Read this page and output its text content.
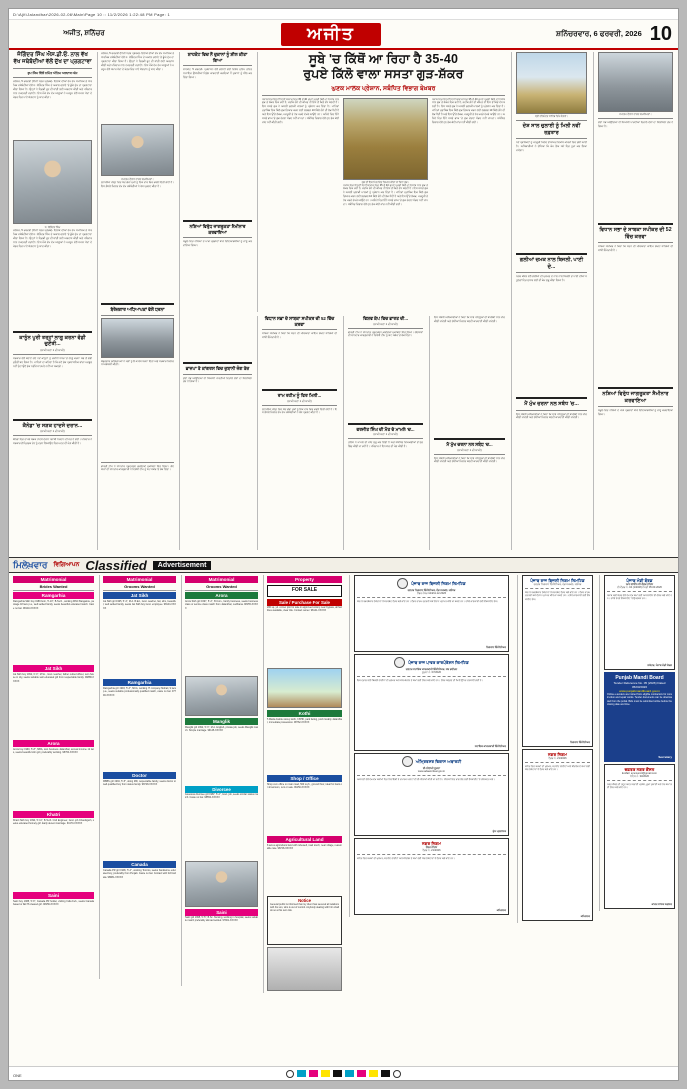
D:\Ajit\Jalandhar\2026-02-06\Main\Page 10 :: 11/2/2026 1:22:48 PM Page: 1
ਅਜੀਤ, ਸ਼ਨਿੱਚਰ	ਅਜੀਤ	ਸ਼ਨਿੱਚਰਵਾਰ, 6 ਫਰਵਰੀ, 2026 10
ਜੋਗਿੰਦਰ ਸਿੰਘ ਐਸ.ਡੀ.ਓ. ਨਾਲ ਵੱਖ ਵੱਖ ਜਥੇਬੰਦੀਆਂ ਵੱਲੋਂ ਦੁੱਖ ਦਾ ਪ੍ਰਗਟਾਵਾ
ਭੁਪ ਸਿੰਘ ਢਿੱਲੋਂ ਨਮਿੱਤ ਅੰਤਿਮ ਅਰਦਾਸ ਅੱਜ
ਜਲੰਧਰ, 5 ਫਰਵਰੀ (ਨਿੱਜੀ ਪੱਤਰ ਪ੍ਰੇਰਕ)- ਇਲਾਕੇ ਦੀਆਂ ਵੱਖ ਵੱਖ ਸਮਾਜਿਕ ਤੇ ਧਾਰਮਿਕ ਜਥੇਬੰਦੀਆਂ ਵੱਲੋਂ ਸ. ਜੋਗਿੰਦਰ ਸਿੰਘ ਦੇ ਅਕਾਲ ਚਲਾਣੇ 'ਤੇ ਡੂੰਘੇ ਦੁੱਖ ਦਾ ਪ੍ਰਗਟਾਵਾ ਕੀਤਾ ਗਿਆ ਹੈ। ਉਨ੍ਹਾਂ ਨੇ ਵਿਛੜੀ ਰੂਹ ਦੀ ਸ਼ਾਂਤੀ ਲਈ ਅਰਦਾਸ ਕੀਤੀ ਅਤੇ ਪਰਿਵਾਰ ਨਾਲ ਹਮਦਰਦੀ ਜਤਾਈ। ਇਸ ਮੌਕੇ ਵੱਖ ਵੱਖ ਆਗੂਆਂ ਨੇ ਮਰਹੂਮ ਵੱਲੋਂ ਸਮਾਜ ਸੇਵਾ ਦੇ ਖੇਤਰ ਵਿਚ ਪਾਏ ਯੋਗਦਾਨ ਨੂੰ ਯਾਦ ਕੀਤਾ।
ਸ. ਜੋਗਿੰਦਰ ਸਿੰਘ
ਜਲੰਧਰ, 5 ਫਰਵਰੀ (ਨਿੱਜੀ ਪੱਤਰ ਪ੍ਰੇਰਕ)- ਇਲਾਕੇ ਦੀਆਂ ਵੱਖ ਵੱਖ ਸਮਾਜਿਕ ਤੇ ਧਾਰਮਿਕ ਜਥੇਬੰਦੀਆਂ ਵੱਲੋਂ ਸ. ਜੋਗਿੰਦਰ ਸਿੰਘ ਦੇ ਅਕਾਲ ਚਲਾਣੇ 'ਤੇ ਡੂੰਘੇ ਦੁੱਖ ਦਾ ਪ੍ਰਗਟਾਵਾ ਕੀਤਾ ਗਿਆ ਹੈ। ਉਨ੍ਹਾਂ ਨੇ ਵਿਛੜੀ ਰੂਹ ਦੀ ਸ਼ਾਂਤੀ ਲਈ ਅਰਦਾਸ ਕੀਤੀ ਅਤੇ ਪਰਿਵਾਰ ਨਾਲ ਹਮਦਰਦੀ ਜਤਾਈ। ਇਸ ਮੌਕੇ ਵੱਖ ਵੱਖ ਆਗੂਆਂ ਨੇ ਮਰਹੂਮ ਵੱਲੋਂ ਸਮਾਜ ਸੇਵਾ ਦੇ ਖੇਤਰ ਵਿਚ ਪਾਏ ਯੋਗਦਾਨ ਨੂੰ ਯਾਦ ਕੀਤਾ।
ਕਾਨੂੰਨ ਪੂਰੀ ਤਰ੍ਹਾਂ ਲਾਗੂ ਕਰਨਾ ਵੱਡੀ ਚੁਣੌਤੀ...
(ਬਾਕੀ ਸਫ਼ਾ 1 ਦੀ ਬਾਕੀ)
ਸਰਕਾਰ ਵੱਲੋਂ ਬਣਾਏ ਗਏ ਨਵੇਂ ਕਾਨੂੰਨਾਂ ਨੂੰ ਜ਼ਮੀਨੀ ਪੱਧਰ 'ਤੇ ਲਾਗੂ ਕਰਨਾ ਸਭ ਤੋਂ ਵੱਡੀ ਚੁਣੌਤੀ ਬਣ ਗਿਆ ਹੈ। ਮਾਹਿਰਾਂ ਦਾ ਕਹਿਣਾ ਹੈ ਕਿ ਜਦੋਂ ਤੱਕ ਪ੍ਰਸ਼ਾਸਨਿਕ ਢਾਂਚਾ ਮਜ਼ਬੂਤ ਨਹੀਂ ਹੁੰਦਾ ਉਦੋਂ ਤੱਕ ਨਤੀਜੇ ਸਾਹਮਣੇ ਨਹੀਂ ਆ ਸਕਣਗੇ।
ਕੈਨੇਡਾ 'ਚ ਸੜਕ ਹਾਦਸੇ ਦਰਾਨ...
(ਬਾਕੀ ਸਫ਼ਾ 1 ਦੀ ਬਾਕੀ)
ਕੈਨੇਡਾ ਵਿਚ ਵਾਪਰੇ ਸੜਕ ਹਾਦਸੇ ਦੌਰਾਨ ਪੰਜਾਬੀ ਨੌਜਵਾਨ ਦੀ ਮੌਤ ਹੋ ਗਈ। ਪਰਿਵਾਰ ਨੇ ਸਰਕਾਰ ਤੋਂ ਮ੍ਰਿਤਕ ਦੇਹ ਨੂੰ ਵਤਨ ਲਿਆਉਣ ਵਿਚ ਮਦਦ ਦੀ ਮੰਗ ਕੀਤੀ ਹੈ।
ਜਲੰਧਰ, 5 ਫਰਵਰੀ (ਨਿੱਜੀ ਪੱਤਰ ਪ੍ਰੇਰਕ)- ਇਲਾਕੇ ਦੀਆਂ ਵੱਖ ਵੱਖ ਸਮਾਜਿਕ ਤੇ ਧਾਰਮਿਕ ਜਥੇਬੰਦੀਆਂ ਵੱਲੋਂ ਸ. ਜੋਗਿੰਦਰ ਸਿੰਘ ਦੇ ਅਕਾਲ ਚਲਾਣੇ 'ਤੇ ਡੂੰਘੇ ਦੁੱਖ ਦਾ ਪ੍ਰਗਟਾਵਾ ਕੀਤਾ ਗਿਆ ਹੈ। ਉਨ੍ਹਾਂ ਨੇ ਵਿਛੜੀ ਰੂਹ ਦੀ ਸ਼ਾਂਤੀ ਲਈ ਅਰਦਾਸ ਕੀਤੀ ਅਤੇ ਪਰਿਵਾਰ ਨਾਲ ਹਮਦਰਦੀ ਜਤਾਈ। ਇਸ ਮੌਕੇ ਵੱਖ ਵੱਖ ਆਗੂਆਂ ਨੇ ਮਰਹੂਮ ਵੱਲੋਂ ਸਮਾਜ ਸੇਵਾ ਦੇ ਖੇਤਰ ਵਿਚ ਪਾਏ ਯੋਗਦਾਨ ਨੂੰ ਯਾਦ ਕੀਤਾ।
ਸਮਾਗਮ ਦੌਰਾਨ ਹਾਜ਼ਰ ਸ਼ਖ਼ਸੀਅਤਾਂ।
ਸੁਨਾਰੀਆ ਜੇਲ੍ਹ ਵਿਚ ਬੰਦ ਡੇਰਾ ਮੁਖੀ ਨੂੰ ਇਕ ਵਾਰ ਫਿਰ ਫਰਲੋ ਦਿੱਤੀ ਗਈ ਹੈ। ਇਸ ਫ਼ੈਸਲੇ ਖ਼ਿਲਾਫ਼ ਵੱਖ ਵੱਖ ਜਥੇਬੰਦੀਆਂ ਨੇ ਰੋਸ ਪ੍ਰਗਟ ਕੀਤਾ ਹੈ।
ਬੇਰੋਜ਼ਗਾਰ ਅਧਿਆਪਕਾਂ ਵੱਲੋਂ ਧਰਨਾ
ਬੇਰੁਜ਼ਗਾਰ ਅਧਿਆਪਕਾਂ ਨੇ ਮੰਗਾਂ ਨੂੰ ਲੈ ਕੇ ਰੋਸ ਧਰਨਾ ਦਿੱਤਾ ਅਤੇ ਸਰਕਾਰ ਖ਼ਿਲਾਫ਼ ਨਾਅਰੇਬਾਜ਼ੀ ਕੀਤੀ।
ਭਾਰਤੀ ਟੀਮ ਨੇ ਸ਼ਾਨਦਾਰ ਪ੍ਰਦਰਸ਼ਨ ਕਰਦਿਆਂ ਮੁਕਾਬਲਾ ਜਿੱਤ ਲਿਆ। ਗੇਂਦਬਾਜ਼ਾਂ ਦੀ ਸ਼ਾਨਦਾਰ ਕਾਰਗੁਜ਼ਾਰੀ ਨੇ ਵਿਰੋਧੀ ਟੀਮ ਨੂੰ ਘੱਟ ਸਕੋਰ 'ਤੇ ਰੋਕ ਦਿੱਤਾ।
ਸ਼ਾਹਕੋਟ ਵਿਚ ਨੌਂ ਦੁਕਾਨਾਂ ਨੂੰ ਸ਼ੀਲ ਕੀਤਾ ਗਿਆ
ਸ਼ਾਹਕੋਟ, 5 ਫਰਵਰੀ- ਪ੍ਰਸ਼ਾਸਨ ਵੱਲੋਂ ਚਲਾਈ ਗਈ ਵਿਸ਼ੇਸ਼ ਮੁਹਿੰਮ ਤਹਿਤ ਨਾਜਾਇਜ਼ ਉਸਾਰੀਆਂ ਵਿਰੁੱਧ ਕਾਰਵਾਈ ਕਰਦਿਆਂ ਨੌਂ ਦੁਕਾਨਾਂ ਨੂੰ ਸੀਲ ਕਰ ਦਿੱਤਾ ਗਿਆ।
ਨਸ਼ਿਆਂ ਵਿਰੁੱਧ ਜਾਗਰੂਕਤਾ ਸੈਮੀਨਾਰ ਕਰਵਾਇਆ
ਸਕੂਲ ਵਿਚ ਨਸ਼ਿਆਂ ਦੇ ਮਾੜੇ ਪ੍ਰਭਾਵਾਂ ਬਾਰੇ ਵਿਦਿਆਰਥੀਆਂ ਨੂੰ ਜਾਣੂ ਕਰਵਾਇਆ ਗਿਆ।
ਭਾਜਪਾ ਤੇ ਕਾਂਗਰਸ ਵਿਚ ਜ਼ੁਬਾਨੀ ਜੰਗ ਤੇਜ਼
ਚੋਣਾਂ ਨੇੜੇ ਆਉਂਦਿਆਂ ਹੀ ਸਿਆਸੀ ਪਾਰਟੀਆਂ ਵਿਚਾਲੇ ਦੋਸ਼ਾਂ ਦਾ ਸਿਲਸਿਲਾ ਤੇਜ਼ ਹੋ ਗਿਆ ਹੈ।
ਸੂਬੇ 'ਚ ਕਿੱਥੋਂ ਆ ਰਿਹਾ ਹੈ 35-40
ਰੁਪਏ ਕਿੱਲੋ ਵਾਲਾ ਸਸਤਾ ਗੁੜ-ਸ਼ੱਕਰ
ਘੁਣਕ ਮਾਲਕ ਪ੍ਰੇਸ਼ਾਨ, ਸਬੰਧਿਤ ਵਿਭਾਗ ਬੇਖ਼ਬਰ
ਪੰਜਾਬ ਵਿਚ ਇਨ੍ਹੀਂ ਦਿਨੀਂ ਬਾਜ਼ਾਰ ਵਿਚ 35 ਤੋਂ 40 ਰੁਪਏ ਪ੍ਰਤੀ ਕਿੱਲੋ ਦੇ ਹਿਸਾਬ ਨਾਲ ਗੁੜ ਤੇ ਸ਼ੱਕਰ ਵਿਕ ਰਹੀ ਹੈ, ਜਦਕਿ ਗੰਨੇ ਦੀ ਕੀਮਤ ਹੀ ਇਸ ਤੋਂ ਕਿਤੇ ਵੱਧ ਬਣਦੀ ਹੈ। ਇਸ ਸਸਤੇ ਗੁੜ ਨੇ ਅਸਲੀ ਘੁਲਾੜੀ ਮਾਲਕਾਂ ਨੂੰ ਪ੍ਰੇਸ਼ਾਨ ਕਰ ਦਿੱਤਾ ਹੈ। ਮਾਹਿਰਾਂ ਮੁਤਾਬਿਕ ਇਕ ਕਿੱਲੋ ਗੁੜ ਤਿਆਰ ਕਰਨ ਲਈ ਲਗਭਗ 10 ਕਿੱਲੋ ਗੰਨੇ ਦੀ ਲੋੜ ਪੈਂਦੀ ਹੈ ਅਤੇ ਇਸ ਉੱਤੇ ਲੱਕੜ, ਮਜ਼ਦੂਰੀ ਤੇ ਹੋਰ ਖਰਚੇ ਵੱਖਰੇ ਆਉਂਦੇ ਹਨ। ਅਜਿਹੇ ਵਿਚ ਇੰਨੇ ਸਸਤੇ ਭਾਅ 'ਤੇ ਗੁੜ ਵੇਚਣਾ ਸੰਭਵ ਨਹੀਂ ਜਾਪਦਾ। ਸਬੰਧਿਤ ਵਿਭਾਗ ਵੱਲੋਂ ਹੁਣ ਤੱਕ ਕੋਈ ਜਾਂਚ ਨਹੀਂ ਕੀਤੀ ਗਈ।
ਗੁੜ ਦੀ ਇਕ ਮਿਲ ਵਿਚ ਤਿਆਰ ਕੀਤਾ ਜਾ ਰਿਹਾ ਗੁੜ।
ਪੰਜਾਬ ਵਿਚ ਇਨ੍ਹੀਂ ਦਿਨੀਂ ਬਾਜ਼ਾਰ ਵਿਚ 35 ਤੋਂ 40 ਰੁਪਏ ਪ੍ਰਤੀ ਕਿੱਲੋ ਦੇ ਹਿਸਾਬ ਨਾਲ ਗੁੜ ਤੇ ਸ਼ੱਕਰ ਵਿਕ ਰਹੀ ਹੈ, ਜਦਕਿ ਗੰਨੇ ਦੀ ਕੀਮਤ ਹੀ ਇਸ ਤੋਂ ਕਿਤੇ ਵੱਧ ਬਣਦੀ ਹੈ। ਇਸ ਸਸਤੇ ਗੁੜ ਨੇ ਅਸਲੀ ਘੁਲਾੜੀ ਮਾਲਕਾਂ ਨੂੰ ਪ੍ਰੇਸ਼ਾਨ ਕਰ ਦਿੱਤਾ ਹੈ। ਮਾਹਿਰਾਂ ਮੁਤਾਬਿਕ ਇਕ ਕਿੱਲੋ ਗੁੜ ਤਿਆਰ ਕਰਨ ਲਈ ਲਗਭਗ 10 ਕਿੱਲੋ ਗੰਨੇ ਦੀ ਲੋੜ ਪੈਂਦੀ ਹੈ ਅਤੇ ਇਸ ਉੱਤੇ ਲੱਕੜ, ਮਜ਼ਦੂਰੀ ਤੇ ਹੋਰ ਖਰਚੇ ਵੱਖਰੇ ਆਉਂਦੇ ਹਨ। ਅਜਿਹੇ ਵਿਚ ਇੰਨੇ ਸਸਤੇ ਭਾਅ 'ਤੇ ਗੁੜ ਵੇਚਣਾ ਸੰਭਵ ਨਹੀਂ ਜਾਪਦਾ। ਸਬੰਧਿਤ ਵਿਭਾਗ ਵੱਲੋਂ ਹੁਣ ਤੱਕ ਕੋਈ ਜਾਂਚ ਨਹੀਂ ਕੀਤੀ ਗਈ।
ਪੰਜਾਬ ਵਿਚ ਇਨ੍ਹੀਂ ਦਿਨੀਂ ਬਾਜ਼ਾਰ ਵਿਚ 35 ਤੋਂ 40 ਰੁਪਏ ਪ੍ਰਤੀ ਕਿੱਲੋ ਦੇ ਹਿਸਾਬ ਨਾਲ ਗੁੜ ਤੇ ਸ਼ੱਕਰ ਵਿਕ ਰਹੀ ਹੈ, ਜਦਕਿ ਗੰਨੇ ਦੀ ਕੀਮਤ ਹੀ ਇਸ ਤੋਂ ਕਿਤੇ ਵੱਧ ਬਣਦੀ ਹੈ। ਇਸ ਸਸਤੇ ਗੁੜ ਨੇ ਅਸਲੀ ਘੁਲਾੜੀ ਮਾਲਕਾਂ ਨੂੰ ਪ੍ਰੇਸ਼ਾਨ ਕਰ ਦਿੱਤਾ ਹੈ। ਮਾਹਿਰਾਂ ਮੁਤਾਬਿਕ ਇਕ ਕਿੱਲੋ ਗੁੜ ਤਿਆਰ ਕਰਨ ਲਈ ਲਗਭਗ 10 ਕਿੱਲੋ ਗੰਨੇ ਦੀ ਲੋੜ ਪੈਂਦੀ ਹੈ ਅਤੇ ਇਸ ਉੱਤੇ ਲੱਕੜ, ਮਜ਼ਦੂਰੀ ਤੇ ਹੋਰ ਖਰਚੇ ਵੱਖਰੇ ਆਉਂਦੇ ਹਨ। ਅਜਿਹੇ ਵਿਚ ਇੰਨੇ ਸਸਤੇ ਭਾਅ 'ਤੇ ਗੁੜ ਵੇਚਣਾ ਸੰਭਵ ਨਹੀਂ ਜਾਪਦਾ। ਸਬੰਧਿਤ ਵਿਭਾਗ ਵੱਲੋਂ ਹੁਣ ਤੱਕ ਕੋਈ ਜਾਂਚ ਨਹੀਂ ਕੀਤੀ ਗਈ।
ਵਿਧਾਨ ਸਭਾ ਦੇ ਸਾਬਕਾ ਸਪੀਕਰ ਦੀ 52 ਵਿੱਚ ਕਰਵਾ
ਸਾਬਕਾ ਸਪੀਕਰ ਨੇ ਕਿਹਾ ਕਿ ਸਦਨ ਦੀ ਮਰਿਆਦਾ ਕਾਇਮ ਰੱਖਣਾ ਸਾਰਿਆਂ ਦੀ ਸਾਂਝੀ ਜ਼ਿੰਮੇਵਾਰੀ ਹੈ।
ਰਾਮ ਰਹੀਮ ਨੂੰ ਫਿਰ ਮਿਲੀ...
(ਬਾਕੀ ਸਫ਼ਾ 1 ਦੀ ਬਾਕੀ)
ਸੁਨਾਰੀਆ ਜੇਲ੍ਹ ਵਿਚ ਬੰਦ ਡੇਰਾ ਮੁਖੀ ਨੂੰ ਇਕ ਵਾਰ ਫਿਰ ਫਰਲੋ ਦਿੱਤੀ ਗਈ ਹੈ। ਇਸ ਫ਼ੈਸਲੇ ਖ਼ਿਲਾਫ਼ ਵੱਖ ਵੱਖ ਜਥੇਬੰਦੀਆਂ ਨੇ ਰੋਸ ਪ੍ਰਗਟ ਕੀਤਾ ਹੈ।
ਵਿਸ਼ਵ ਕੱਪ ਵਿਚ ਭਾਰਤ ਦੀ...
(ਬਾਕੀ ਸਫ਼ਾ 1 ਦੀ ਬਾਕੀ)
ਭਾਰਤੀ ਟੀਮ ਨੇ ਸ਼ਾਨਦਾਰ ਪ੍ਰਦਰਸ਼ਨ ਕਰਦਿਆਂ ਮੁਕਾਬਲਾ ਜਿੱਤ ਲਿਆ। ਗੇਂਦਬਾਜ਼ਾਂ ਦੀ ਸ਼ਾਨਦਾਰ ਕਾਰਗੁਜ਼ਾਰੀ ਨੇ ਵਿਰੋਧੀ ਟੀਮ ਨੂੰ ਘੱਟ ਸਕੋਰ 'ਤੇ ਰੋਕ ਦਿੱਤਾ।
ਵਰਜੀਤ ਸਿੰਘ ਦੀ ਮੌਤ ਦੇ ਮਾਮਲੇ 'ਚ...
(ਬਾਕੀ ਸਫ਼ਾ 1 ਦੀ ਬਾਕੀ)
ਪੁਲਿਸ ਨੇ ਮਾਮਲੇ ਦੀ ਜਾਂਚ ਸ਼ੁਰੂ ਕਰ ਦਿੱਤੀ ਹੈ ਅਤੇ ਸਬੰਧਿਤ ਵਿਅਕਤੀਆਂ ਤੋਂ ਪੁੱਛਗਿੱਛ ਕੀਤੀ ਜਾ ਰਹੀ ਹੈ। ਪਰਿਵਾਰ ਨੇ ਇਨਸਾਫ਼ ਦੀ ਮੰਗ ਕੀਤੀ ਹੈ।
ਇਸ ਸਬੰਧੀ ਅਧਿਕਾਰੀਆਂ ਨੇ ਕਿਹਾ ਕਿ ਸਾਰੇ ਪਹਿਲੂਆਂ ਦੀ ਬਾਰੀਕੀ ਨਾਲ ਜਾਂਚ ਕੀਤੀ ਜਾਵੇਗੀ ਅਤੇ ਦੋਸ਼ੀਆਂ ਖ਼ਿਲਾਫ਼ ਬਣਦੀ ਕਾਰਵਾਈ ਕੀਤੀ ਜਾਵੇਗੀ।
ਮੈਂ ਮੁੱਖ ਚਰਨਾ ਨਲ ਸਬੰਧ 'ਚ...
(ਬਾਕੀ ਸਫ਼ਾ 1 ਦੀ ਬਾਕੀ)
ਇਸ ਸਬੰਧੀ ਅਧਿਕਾਰੀਆਂ ਨੇ ਕਿਹਾ ਕਿ ਸਾਰੇ ਪਹਿਲੂਆਂ ਦੀ ਬਾਰੀਕੀ ਨਾਲ ਜਾਂਚ ਕੀਤੀ ਜਾਵੇਗੀ ਅਤੇ ਦੋਸ਼ੀਆਂ ਖ਼ਿਲਾਫ਼ ਬਣਦੀ ਕਾਰਵਾਈ ਕੀਤੀ ਜਾਵੇਗੀ।
ਸ੍ਰੀ ਹਰਿਮੰਦਰ ਸਾਹਿਬ ਵਿਖੇ ਸੰਗਤਾਂ।
ਦੇਸ਼ ਸਾਲ ਚੁਲਾਈ ਨੂੰ ਮਿਲੀ ਨਵੀਂ ਰਫ਼ਤਾਰ
ਨਵੇਂ ਪ੍ਰਾਜੈਕਟਾਂ ਨੂੰ ਮਨਜ਼ੂਰੀ ਮਿਲਣ ਤੋਂ ਬਾਅਦ ਵਿਕਾਸ ਕਾਰਜਾਂ ਵਿਚ ਤੇਜ਼ੀ ਆਈ ਹੈ। ਅਧਿਕਾਰੀਆਂ ਨੇ ਦੱਸਿਆ ਕਿ ਕੰਮ ਤੈਅ ਸਮੇਂ ਵਿਚ ਪੂਰਾ ਕਰ ਲਿਆ ਜਾਵੇਗਾ।
ਗਲੀਆਂ ਚਮਕ ਨਾਲ ਬਿਜਲੀ, ਪਾਣੀ ਦੇ...
ਨਗਰ ਕੌਂਸਲ ਵੱਲੋਂ ਗਲੀਆਂ ਦੀ ਮੁਰੰਮਤ ਦੇ ਨਾਲ ਨਾਲ ਬਿਜਲੀ ਤੇ ਪਾਣੀ ਦੀਆਂ ਸਹੂਲਤਾਂ ਵਿਚ ਸੁਧਾਰ ਲਈ ਵੀ ਕੰਮ ਸ਼ੁਰੂ ਕੀਤਾ ਗਿਆ ਹੈ।
ਮੈਂ ਮੁੱਖ ਚਰਨਾ ਨਲ ਸਬੰਧ 'ਚ...
ਇਸ ਸਬੰਧੀ ਅਧਿਕਾਰੀਆਂ ਨੇ ਕਿਹਾ ਕਿ ਸਾਰੇ ਪਹਿਲੂਆਂ ਦੀ ਬਾਰੀਕੀ ਨਾਲ ਜਾਂਚ ਕੀਤੀ ਜਾਵੇਗੀ ਅਤੇ ਦੋਸ਼ੀਆਂ ਖ਼ਿਲਾਫ਼ ਬਣਦੀ ਕਾਰਵਾਈ ਕੀਤੀ ਜਾਵੇਗੀ।
ਸਮਾਗਮ ਦੌਰਾਨ ਹਾਜ਼ਰ ਸ਼ਖ਼ਸੀਅਤਾਂ।
ਚੋਣਾਂ ਨੇੜੇ ਆਉਂਦਿਆਂ ਹੀ ਸਿਆਸੀ ਪਾਰਟੀਆਂ ਵਿਚਾਲੇ ਦੋਸ਼ਾਂ ਦਾ ਸਿਲਸਿਲਾ ਤੇਜ਼ ਹੋ ਗਿਆ ਹੈ।
ਵਿਧਾਨ ਸਭਾ ਦੇ ਸਾਬਕਾ ਸਪੀਕਰ ਦੀ 52 ਵਿੱਚ ਕਰਵਾ
ਸਾਬਕਾ ਸਪੀਕਰ ਨੇ ਕਿਹਾ ਕਿ ਸਦਨ ਦੀ ਮਰਿਆਦਾ ਕਾਇਮ ਰੱਖਣਾ ਸਾਰਿਆਂ ਦੀ ਸਾਂਝੀ ਜ਼ਿੰਮੇਵਾਰੀ ਹੈ।
ਨਸ਼ਿਆਂ ਵਿਰੁੱਧ ਜਾਗਰੂਕਤਾ ਸੈਮੀਨਾਰ ਕਰਵਾਇਆ
ਸਕੂਲ ਵਿਚ ਨਸ਼ਿਆਂ ਦੇ ਮਾੜੇ ਪ੍ਰਭਾਵਾਂ ਬਾਰੇ ਵਿਦਿਆਰਥੀਆਂ ਨੂੰ ਜਾਣੂ ਕਰਵਾਇਆ ਗਿਆ।
ਮਿਲੇਖ਼ਵਾਰ ਵਿਗਿਆਪਨ Classified	Advertisement
Matrimonial
Brides Wanted
Ramgarhia
Ramgarhia Sikh boy 1989 born, 5'-10", B.Tech., working MNC Bangalore, package 18 lacs p.a., well settled family, seeks beautiful educated match. Caste no bar. 98140-XXXXX
Jat Sikh
Jat Sikh boy 1992, 6'-0", M.Sc., Govt. teacher, father retired officer, own house in city, seeks suitable well educated girl from respectable family. 99888-XXXXX
Arora
Arora boy 1990, 5'-8", MBA, own business Jalandhar, annual income 12 lacs, seeks beautiful slim girl, preferably working. 98760-XXXXX
Khatri
Khatri Sikh boy 1994, 5'-11", B.Tech. Civil Engineer, Govt. job Chandigarh, seeks educated homely girl. Early decent marriage. 94170-XXXXX
Saini
Saini boy 1988, 5'-9", Canada PR holder, visiting India Feb., seeks Canada based or IELTS cleared girl. 98156-XXXXX
Matrimonial
Grooms Wanted
Jat Sikh
Jat Sikh girl 1995, 5'-4", M.A. B.Ed., Govt. teacher, fair, slim, beautiful, well settled family, seeks Jat Sikh boy Govt. employee. 98144-XXXXX
Ramgarhia
Ramgarhia girl 1993, 5'-3", MCA, working IT company Mohali, 9 lacs p.a., seeks suitable professionally qualified match, caste no bar. 97790-XXXXX
Doctor
MBBS girl 1994, 5'-5", doing MD, respectable family, seeks doctor or well qualified boy from status family. 98728-XXXXX
Canada
Canada PR girl 1996, 5'-4", working Toronto, seeks handsome educated boy, preferably from Punjab. Caste no bar. Contact with full biodata. 98881-XXXXX
Matrimonial
Grooms Wanted
Arora
Arora Sikh girl 1997, 5'-2", B.Com., family business, seeks business class or service class match from Jalandhar, Ludhiana. 98155-XXXXX
Manglik
Manglik girl 1992, 5'-3", M.A. English, private job, seeks Manglik match. Simple marriage. 99145-XXXXX
Divorcee
Issueless divorcee girl 1987, 5'-4", Govt. job, seeks similar status match. Caste no bar. 98550-XXXXX
Saini
Saini girl 1995, 5'-5", B.Sc. Nursing, working in hospital, seeks suitable match preferably abroad settled. 97801-XXXXX
Property
FOR SALE
Sale / Purchase For Sale
200 sq. yd. corner plot for sale in approved colony near bypass, all facilities available, clear title. Contact owner. 98141-XXXXX
Kothi
5 Marla double storey kothi, 3 BHK, park facing, posh locality Jalandhar, immediate possession. 98762-XXXXX
Shop / Office
Shop cum office on main road, 500 sq.ft., ground floor, ideal for bank or showroom, rent or sale. 99150-XXXXX
Agricultural Land
8 acres agricultural land with tubewell, road touch, near village, reasonable rate. 98728-XXXXX
Notice
General public is informed that my client has severed all relations with his son, who is out of control. Anybody dealing with him shall do so at his own risk.
ਪੰਜਾਬ ਰਾਜ ਬਿਜਲੀ ਨਿਗਮ ਲਿਮਟਿਡ
ਦਫ਼ਤਰ ਨਿਗਰਾਨ ਇੰਜੀਨੀਅਰ, ਵੰਡ ਸਰਕਲ, ਜਲੰਧਰ
ਟੈਂਡਰ ਨੰਬਰ 124/11.12.2026
ਯੋਗ ਤੇ ਤਜਰਬੇਕਾਰ ਠੇਕੇਦਾਰਾਂ ਤੋਂ ਮੋਹਰਬੰਦ ਟੈਂਡਰ ਮੰਗੇ ਜਾਂਦੇ ਹਨ। ਟੈਂਡਰ ਫਾਰਮ ਦਫ਼ਤਰੀ ਸਮੇਂ ਦੌਰਾਨ ਪ੍ਰਾਪਤ ਕੀਤੇ ਜਾ ਸਕਦੇ ਹਨ। ਵਧੇਰੇ ਜਾਣਕਾਰੀ ਲਈ ਵੈੱਬਸਾਈਟ ਵੇਖੋ।
ਨਿਗਰਾਨ ਇੰਜੀਨੀਅਰ
ਪੰਜਾਬ ਰਾਜ ਪਾਵਰ ਕਾਰਪੋਰੇਸ਼ਨ ਲਿਮਟਿਡ
ਦਫ਼ਤਰ ਸਹਾਇਕ ਕਾਰਜਕਾਰੀ ਇੰਜੀਨੀਅਰ, ਸਬ ਡਵੀਜ਼ਨ
ਸੂਚਨਾ ਨੰ. 07/2026
ਇਸ ਦਫ਼ਤਰ ਵੱਲੋਂ ਬਿਜਲੀ ਲਾਈਨਾਂ ਦੀ ਮੁਰੰਮਤ ਅਤੇ ਸਾਂਭ-ਸੰਭਾਲ ਦੇ ਕੰਮਾਂ ਲਈ ਟੈਂਡਰ ਮੰਗੇ ਜਾਂਦੇ ਹਨ। ਟੈਂਡਰ ਖੋਲ੍ਹਣ ਦੀ ਮਿਤੀ ਉੱਪਰ ਦਰਸਾਈ ਗਈ ਹੈ।
ਸਹਾਇਕ ਕਾਰਜਕਾਰੀ ਇੰਜੀਨੀਅਰ
ਅੰਮ੍ਰਿਤਸਰ ਵਿਕਾਸ ਅਥਾਰਟੀ
ਈ-ਨੀਲਾਮੀ ਸੂਚਨਾ
www.adaamritsar.gov.in
ਅਥਾਰਟੀ ਵੱਲੋਂ ਵੱਖ-ਵੱਖ ਸਕੀਮਾਂ ਵਿਚ ਰਿਹਾਇਸ਼ੀ ਤੇ ਵਪਾਰਕ ਪਲਾਟਾਂ ਦੀ ਈ-ਨੀਲਾਮੀ ਕੀਤੀ ਜਾ ਰਹੀ ਹੈ। ਨੀਲਾਮੀ ਵਿਚ ਭਾਗ ਲੈਣ ਲਈ ਵੈੱਬਸਾਈਟ 'ਤੇ ਰਜਿਸਟਰ ਕਰੋ।
ਮੁੱਖ ਪ੍ਰਸ਼ਾਸਕ
ਨਗਰ ਨਿਗਮ
ਟੈਂਡਰ ਨੋਟਿਸ
ਟੈਂਡਰ ਨੰ. 21/2026
ਸ਼ਹਿਰ ਵਿਚ ਸੜਕਾਂ ਦੀ ਮੁਰੰਮਤ, ਸਟਰੀਟ ਲਾਈਟਾਂ ਅਤੇ ਸੀਵਰੇਜ ਦੇ ਕੰਮਾਂ ਲਈ ਯੋਗ ਠੇਕੇਦਾਰਾਂ ਤੋਂ ਟੈਂਡਰ ਮੰਗੇ ਜਾਂਦੇ ਹਨ।
ਕਮਿਸ਼ਨਰ
ਪੰਜਾਬ ਰਾਜ ਬਿਜਲੀ ਨਿਗਮ ਲਿਮਟਿਡ
ਦਫ਼ਤਰ ਨਿਗਰਾਨ ਇੰਜੀਨੀਅਰ, ਵੰਡ ਸਰਕਲ, ਜਲੰਧਰ
ਯੋਗ ਤੇ ਤਜਰਬੇਕਾਰ ਠੇਕੇਦਾਰਾਂ ਤੋਂ ਮੋਹਰਬੰਦ ਟੈਂਡਰ ਮੰਗੇ ਜਾਂਦੇ ਹਨ। ਟੈਂਡਰ ਫਾਰਮ ਦਫ਼ਤਰੀ ਸਮੇਂ ਦੌਰਾਨ ਪ੍ਰਾਪਤ ਕੀਤੇ ਜਾ ਸਕਦੇ ਹਨ। ਵਧੇਰੇ ਜਾਣਕਾਰੀ ਲਈ ਵੈੱਬਸਾਈਟ ਵੇਖੋ।
ਨਿਗਰਾਨ ਇੰਜੀਨੀਅਰ
ਨਗਰ ਨਿਗਮ
ਟੈਂਡਰ ਨੰ. 21/2026
ਸ਼ਹਿਰ ਵਿਚ ਸੜਕਾਂ ਦੀ ਮੁਰੰਮਤ, ਸਟਰੀਟ ਲਾਈਟਾਂ ਅਤੇ ਸੀਵਰੇਜ ਦੇ ਕੰਮਾਂ ਲਈ ਯੋਗ ਠੇਕੇਦਾਰਾਂ ਤੋਂ ਟੈਂਡਰ ਮੰਗੇ ਜਾਂਦੇ ਹਨ।
ਕਮਿਸ਼ਨਰ
ਪੰਜਾਬ ਮੰਡੀ ਬੋਰਡ
ਆਨ ਲਾਈਨ ਈ-ਟੈਂਡਰ ਨੋਟਿਸ
ਈ-ਟੈਂਡਰ ਨੰ. 04 (1/2026) ਮਿਤੀ 05.03.2026
ਪੰਜਾਬ ਮੰਡੀ ਬੋਰਡ ਵੱਲੋਂ ਵੱਖ ਵੱਖ ਕੰਮਾਂ ਲਈ ਆਨਲਾਈਨ ਈ-ਟੈਂਡਰ ਮੰਗੇ ਜਾਂਦੇ ਹਨ। ਵਧੇਰੇ ਵੇਰਵੇ ਵੈੱਬਸਾਈਟ 'ਤੇ ਉਪਲਬਧ ਹਨ।
ਸਕੱਤਰ, ਪੰਜਾਬ ਮੰਡੀ ਬੋਰਡ
Punjab Mandi Board
Tender Reference No. 05 (2026) Dated 05/03/2026
www.punjabmandiboard.gov.in
Online e-tenders are invited from eligible contractors for construction and repair works. Tender documents can be downloaded from the portal. Bids must be submitted online before the closing date and time.
Secretary
ਦਫ਼ਤਰ ਨਗਰ ਕੌਂਸਲ
E-Mail: emcouncil@gmail.com
ਨੋਟਿਸ ਨੰ. 33/2026
ਨਗਰ ਕੌਂਸਲ ਦੀ ਹਦੂਦ ਅੰਦਰ ਸਫ਼ਾਈ ਪ੍ਰਬੰਧ, ਕੂੜਾ ਚੁਕਾਈ ਅਤੇ ਹੋਰ ਕੰਮਾਂ ਲਈ ਟੈਂਡਰ ਮੰਗੇ ਜਾਂਦੇ ਹਨ।
ਕਾਰਜ ਸਾਧਕ ਅਫ਼ਸਰ
ONE
